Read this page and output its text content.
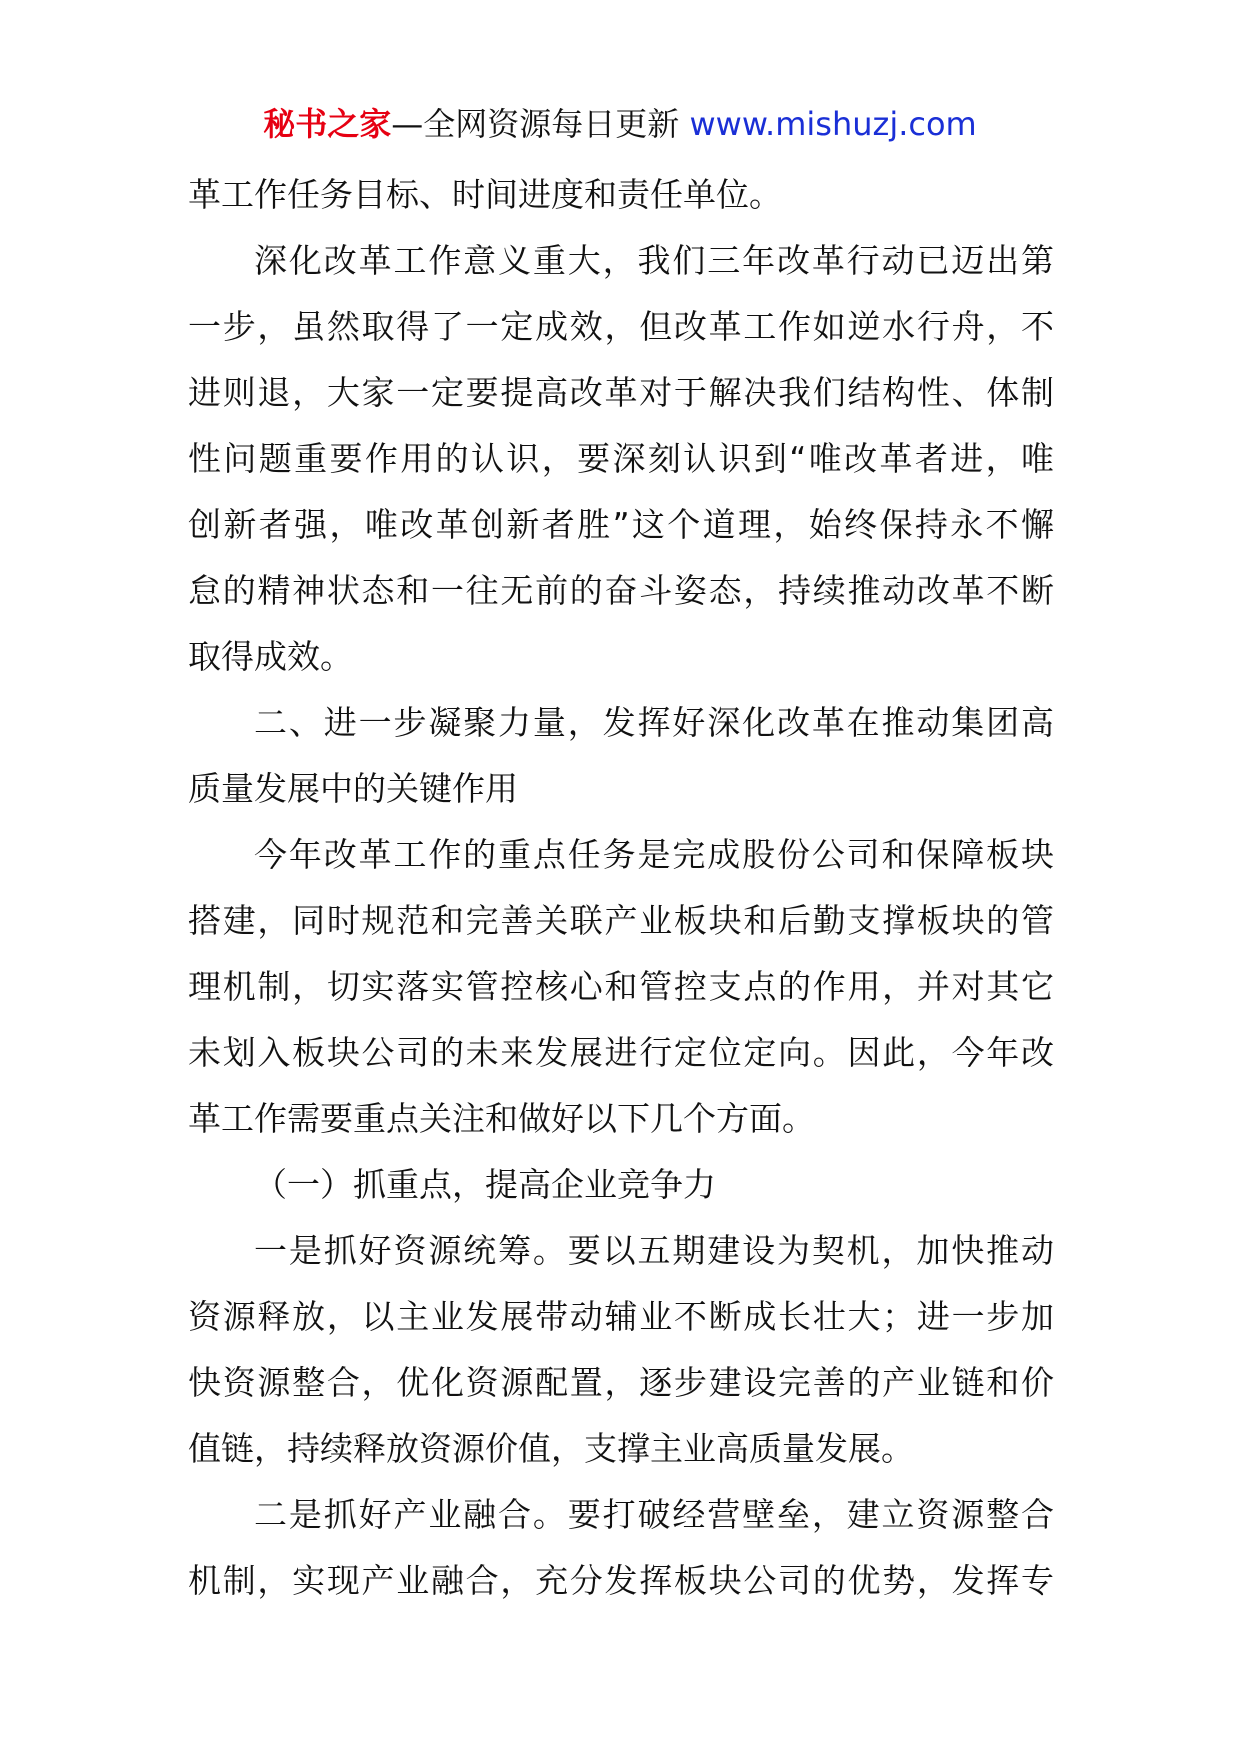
秘书之家—全网资源每日更新 www.mishuzj.com
革工作任务目标、时间进度和责任单位。
深化改革工作意义重大，我们三年改革行动已迈出第
一步，虽然取得了一定成效，但改革工作如逆水行舟，不
进则退，大家一定要提高改革对于解决我们结构性、体制
性问题重要作用的认识，要深刻认识到“唯改革者进，唯
创新者强，唯改革创新者胜”这个道理，始终保持永不懈
怠的精神状态和一往无前的奋斗姿态，持续推动改革不断
取得成效。
二、进一步凝聚力量，发挥好深化改革在推动集团高
质量发展中的关键作用
今年改革工作的重点任务是完成股份公司和保障板块
搭建，同时规范和完善关联产业板块和后勤支撑板块的管
理机制，切实落实管控核心和管控支点的作用，并对其它
未划入板块公司的未来发展进行定位定向。因此，今年改
革工作需要重点关注和做好以下几个方面。
（一）抓重点，提高企业竞争力
一是抓好资源统筹。要以五期建设为契机，加快推动
资源释放，以主业发展带动辅业不断成长壮大；进一步加
快资源整合，优化资源配置，逐步建设完善的产业链和价
值链，持续释放资源价值，支撑主业高质量发展。
二是抓好产业融合。要打破经营壁垒，建立资源整合
机制，实现产业融合，充分发挥板块公司的优势，发挥专
